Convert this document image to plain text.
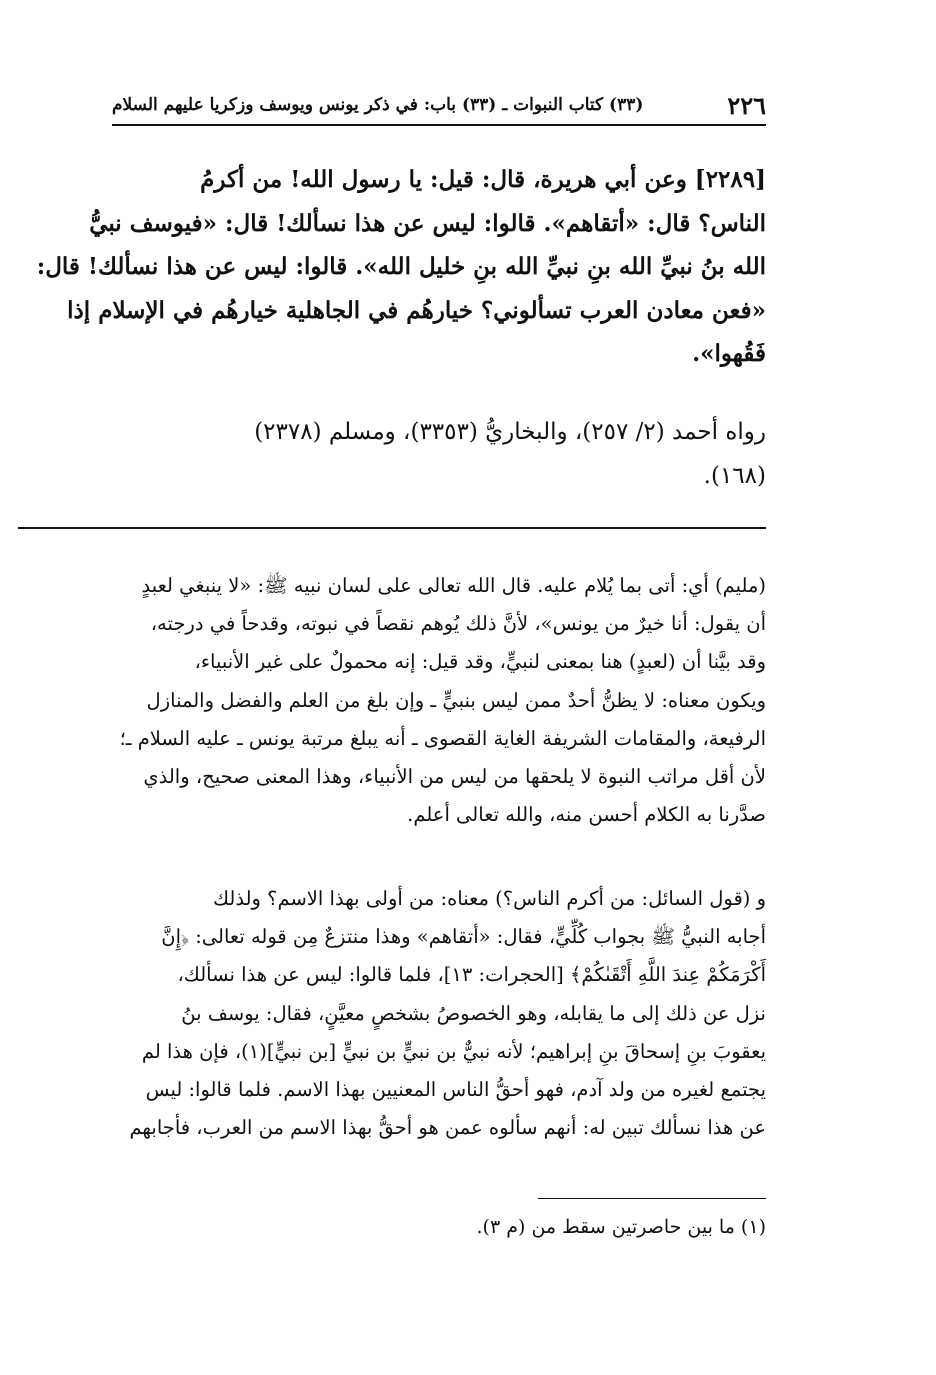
٢٢٦
(٣٣) كتاب النبوات ـ (٣٣) باب: في ذكر يونس ويوسف وزكريا عليهم السلام
[٢٢٨٩] وعن أبي هريرة، قال: قيل: يا رسول الله! من أكرمُ
الناس؟ قال: «أتقاهم». قالوا: ليس عن هذا نسألك! قال: «فيوسف نبيُّ
الله بنُ نبيِّ الله بنِ نبيِّ الله بنِ خليل الله». قالوا: ليس عن هذا نسألك! قال:
«فعن معادن العرب تسألوني؟ خيارهُم في الجاهلية خيارهُم في الإسلام إذا
فَقُهوا».
رواه أحمد (٢/ ٢٥٧)، والبخاريُّ (٣٣٥٣)، ومسلم (٢٣٧٨)
(١٦٨).
(مليم) أي: أتى بما يُلام عليه. قال الله تعالى على لسان نبيه ﷺ: «لا ينبغي لعبدٍ
أن يقول: أنا خيرٌ من يونس»، لأنَّ ذلك يُوهم نقصاً في نبوته، وقدحاً في درجته،
وقد بيَّنا أن (لعبدٍ) هنا بمعنى لنبيٍّ، وقد قيل: إنه محمولٌ على غير الأنبياء،
ويكون معناه: لا يظنُّ أحدٌ ممن ليس بنبيٍّ ـ وإن بلغ من العلم والفضل والمنازل
الرفيعة، والمقامات الشريفة الغاية القصوى ـ أنه يبلغ مرتبة يونس ـ عليه السلام ـ؛
لأن أقل مراتب النبوة لا يلحقها من ليس من الأنبياء، وهذا المعنى صحيح، والذي
صدَّرنا به الكلام أحسن منه، والله تعالى أعلم.
و (قول السائل: من أكرم الناس؟) معناه: من أولى بهذا الاسم؟ ولذلك
أجابه النبيُّ ﷺ بجواب كُلِّيٍّ، فقال: «أتقاهم» وهذا منتزعٌ مِن قوله تعالى: ﴿إِنَّ
أَكْرَمَكُمْ عِندَ اللَّهِ أَتْقَىٰكُمْ﴾ [الحجرات: ١٣]، فلما قالوا: ليس عن هذا نسألك،
نزل عن ذلك إلى ما يقابله، وهو الخصوصُ بشخصٍ معيَّنٍ، فقال: يوسف بنُ
يعقوبَ بنِ إسحاقَ بنِ إبراهيم؛ لأنه نبيٌّ بن نبيٍّ بن نبيٍّ [بن نبيٍّ](١)، فإن هذا لم
يجتمع لغيره من ولد آدم، فهو أحقُّ الناس المعنيين بهذا الاسم. فلما قالوا: ليس
عن هذا نسألك تبين له: أنهم سألوه عمن هو أحقُّ بهذا الاسم من العرب، فأجابهم
(١) ما بين حاصرتين سقط من (م ٣).
